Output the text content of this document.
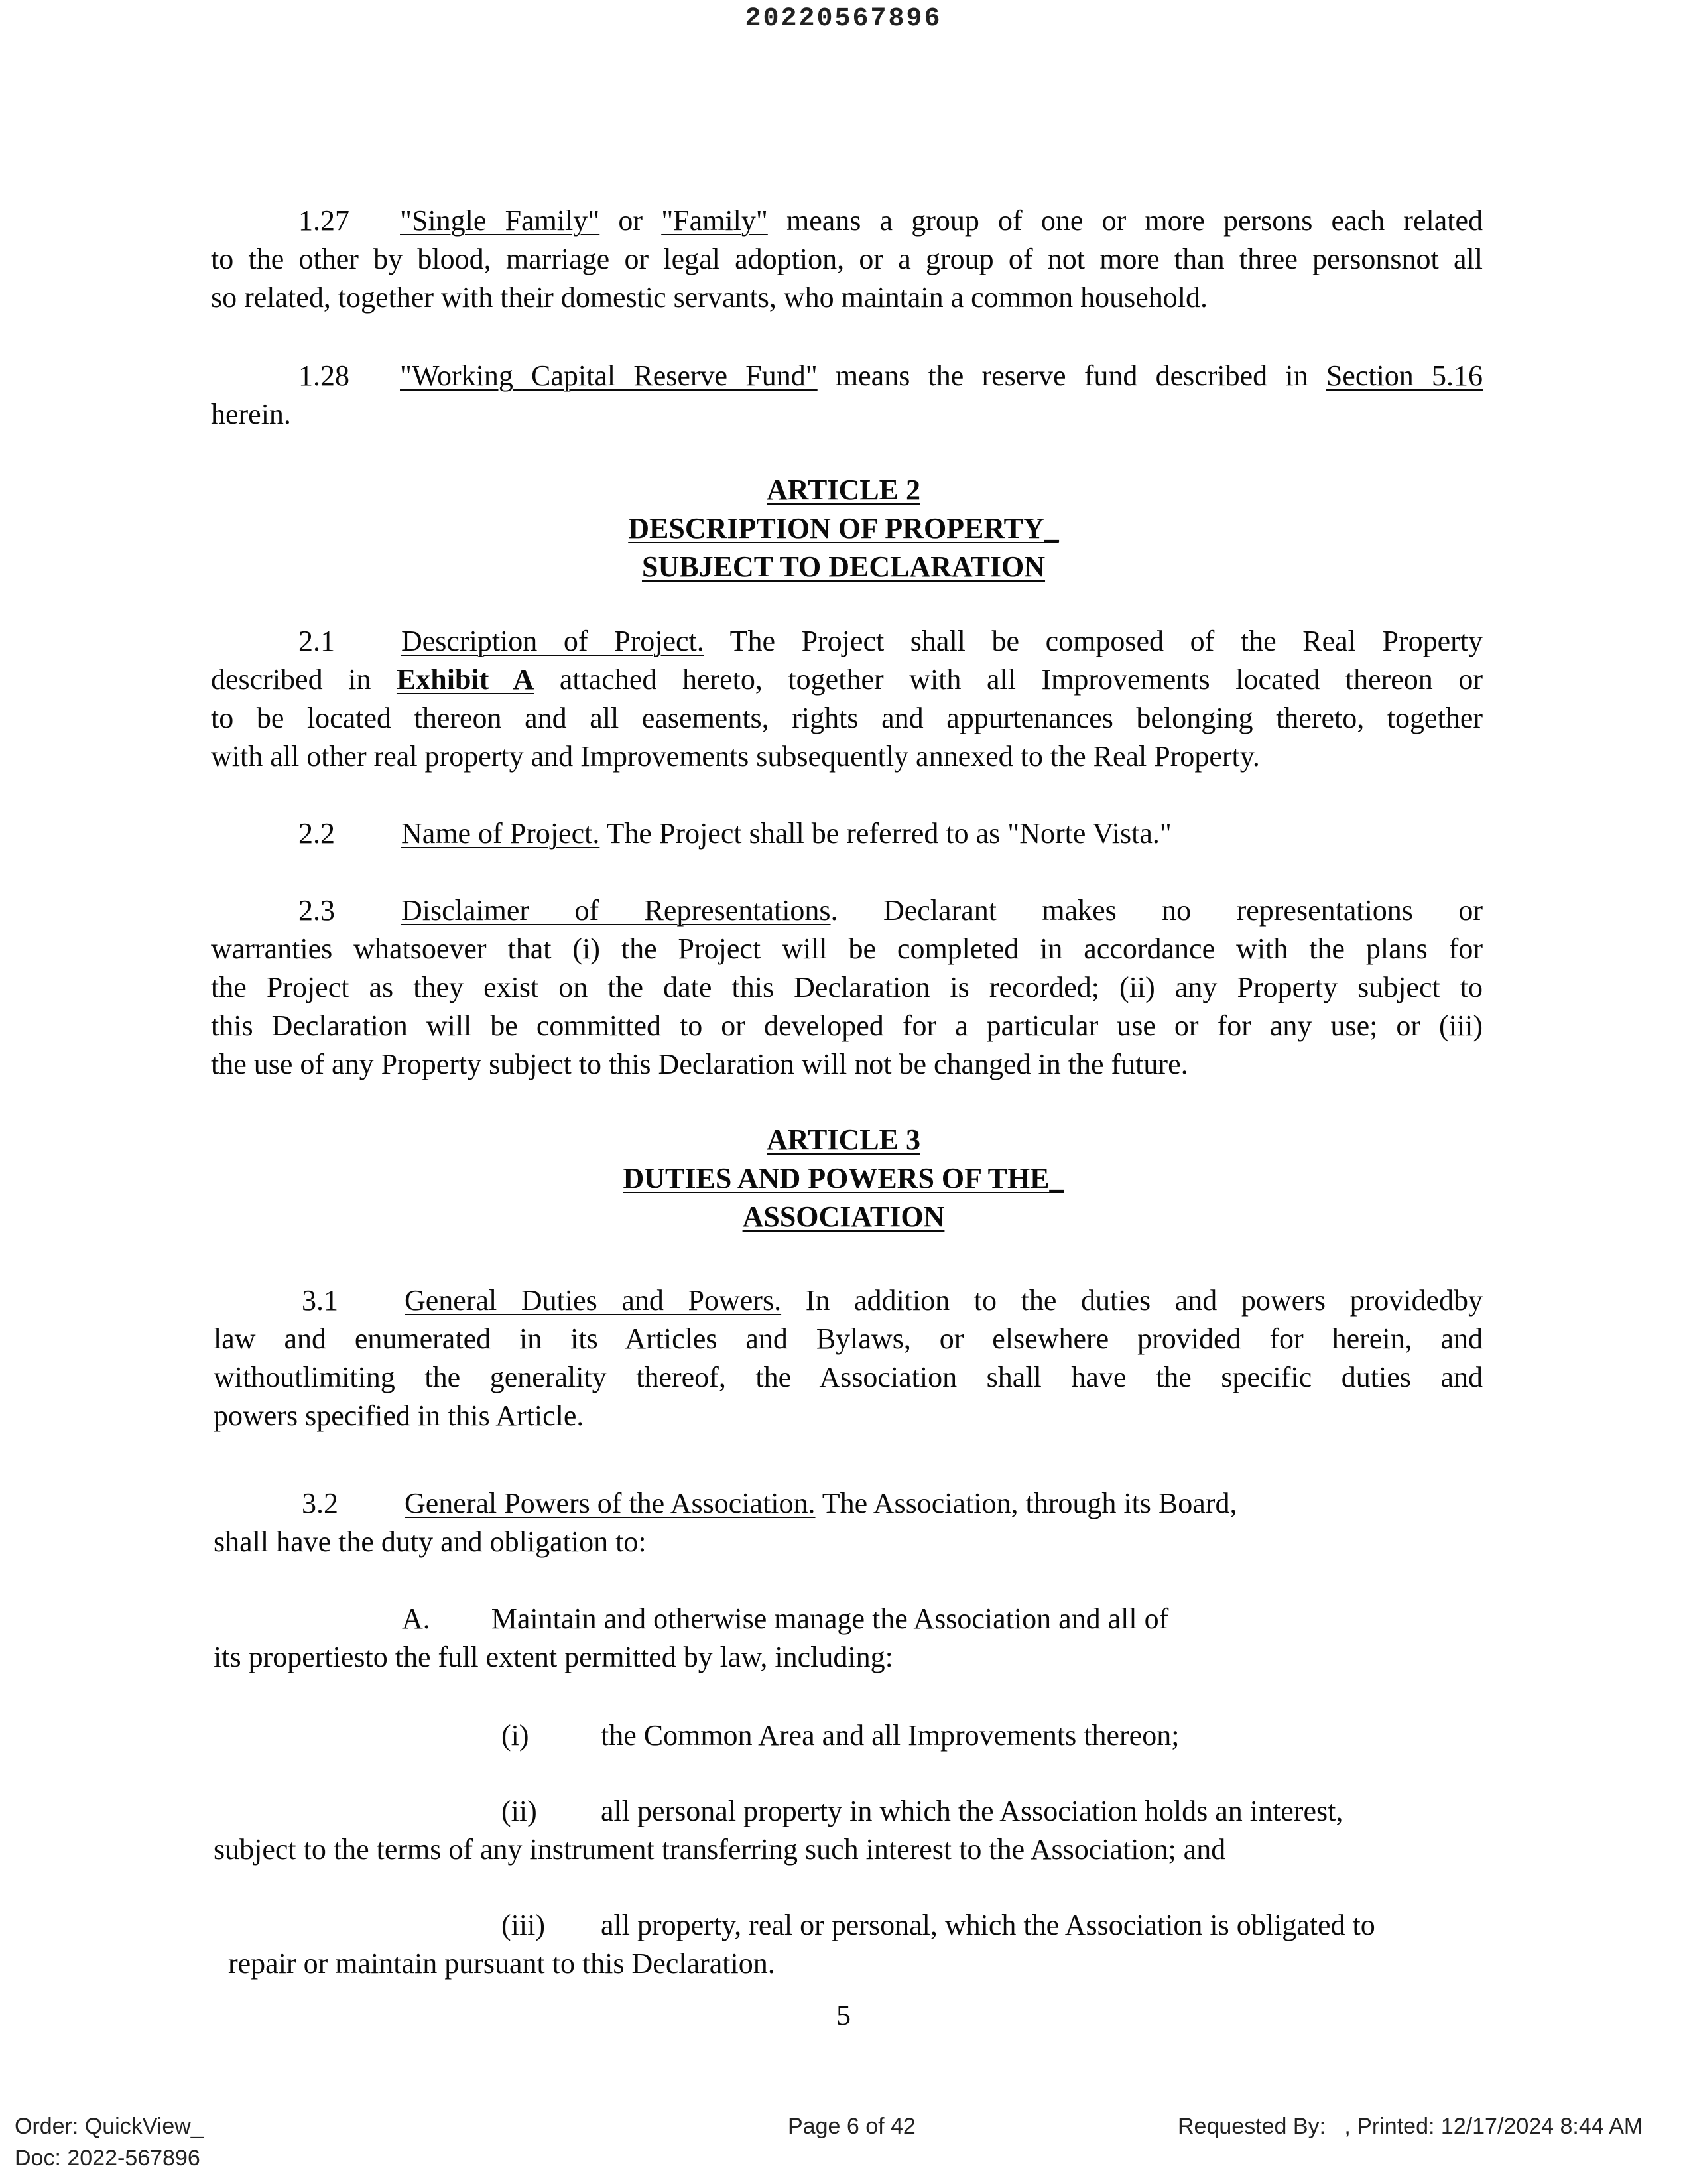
20220567896
1.27 "Single Family" or "Family" means a group of one or more persons each related
to the other by blood, marriage or legal adoption, or a group of not more than three personsnot all
so related, together with their domestic servants, who maintain a common household.
1.28 "Working Capital Reserve Fund" means the reserve fund described in Section 5.16
herein.
ARTICLE 2
DESCRIPTION OF PROPERTY_
SUBJECT TO DECLARATION
2.1 Description of Project. The Project shall be composed of the Real Property
described in Exhibit A attached hereto, together with all Improvements located thereon or
to be located thereon and all easements, rights and appurtenances belonging thereto, together
with all other real property and Improvements subsequently annexed to the Real Property.
2.2 Name of Project. The Project shall be referred to as "Norte Vista."
2.3 Disclaimer of Representations. Declarant makes no representations or
warranties whatsoever that (i) the Project will be completed in accordance with the plans for
the Project as they exist on the date this Declaration is recorded; (ii) any Property subject to
this Declaration will be committed to or developed for a particular use or for any use; or (iii)
the use of any Property subject to this Declaration will not be changed in the future.
ARTICLE 3
DUTIES AND POWERS OF THE_
ASSOCIATION
3.1 General Duties and Powers. In addition to the duties and powers providedby
law and enumerated in its Articles and Bylaws, or elsewhere provided for herein, and
withoutlimiting the generality thereof, the Association shall have the specific duties and
powers specified in this Article.
3.2 General Powers of the Association. The Association, through its Board,
shall have the duty and obligation to:
A. Maintain and otherwise manage the Association and all of
its propertiesto the full extent permitted by law, including:
(i) the Common Area and all Improvements thereon;
(ii) all personal property in which the Association holds an interest,
subject to the terms of any instrument transferring such interest to the Association; and
(iii) all property, real or personal, which the Association is obligated to
repair or maintain pursuant to this Declaration.
5
Order: QuickView_
Doc: 2022-567896
Page 6 of 42	Requested By:   , Printed: 12/17/2024 8:44 AM
